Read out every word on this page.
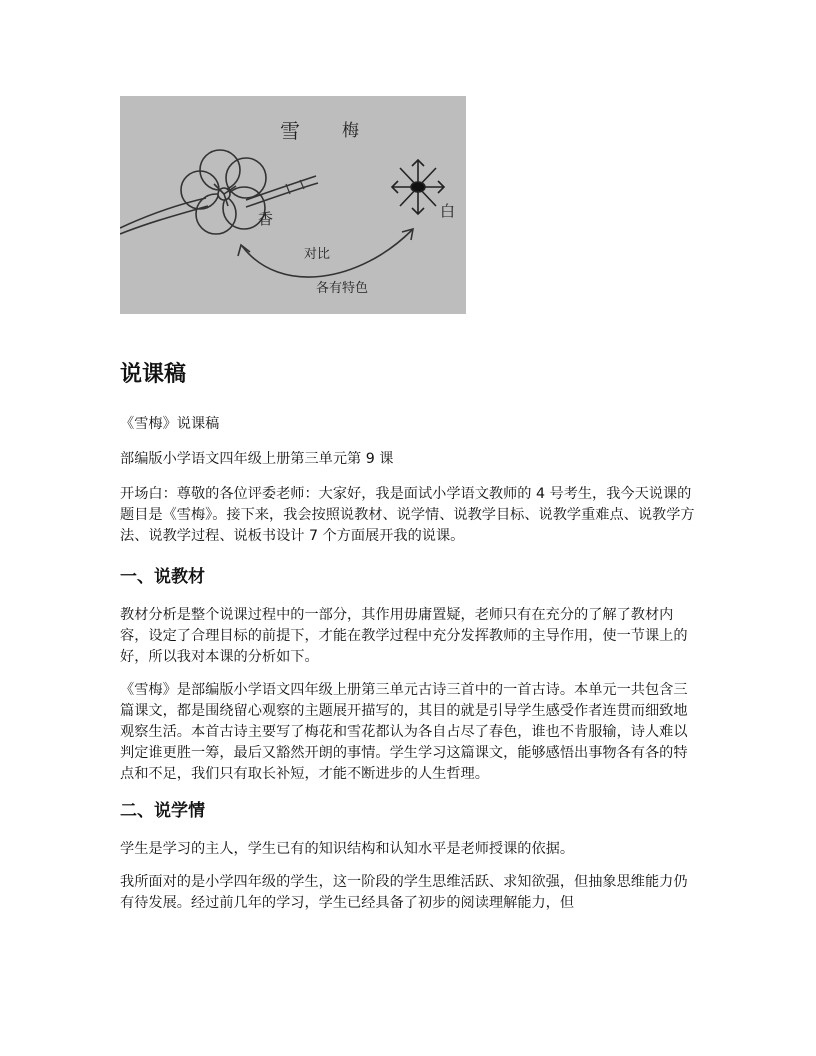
雪 梅
香	白
对比
各有特色
说课稿

《雪梅》说课稿

部编版小学语文四年级上册第三单元第 9 课

开场白：尊敬的各位评委老师：大家好，我是面试小学语文教师的 4 号考生，我今天说课的题目是《雪梅》。接下来，我会按照说教材、说学情、说教学目标、说教学重难点、说教学方法、说教学过程、说板书设计 7 个方面展开我的说课。

一、说教材

教材分析是整个说课过程中的一部分，其作用毋庸置疑，老师只有在充分的了解了教材内容，设定了合理目标的前提下，才能在教学过程中充分发挥教师的主导作用，使一节课上的好，所以我对本课的分析如下。

《雪梅》是部编版小学语文四年级上册第三单元古诗三首中的一首古诗。本单元一共包含三篇课文，都是围绕留心观察的主题展开描写的，其目的就是引导学生感受作者连贯而细致地观察生活。本首古诗主要写了梅花和雪花都认为各自占尽了春色，谁也不肯服输，诗人难以判定谁更胜一筹，最后又豁然开朗的事情。学生学习这篇课文，能够感悟出事物各有各的特点和不足，我们只有取长补短，才能不断进步的人生哲理。

二、说学情

学生是学习的主人，学生已有的知识结构和认知水平是老师授课的依据。

我所面对的是小学四年级的学生，这一阶段的学生思维活跃、求知欲强，但抽象思维能力仍有待发展。经过前几年的学习，学生已经具备了初步的阅读理解能力，但
